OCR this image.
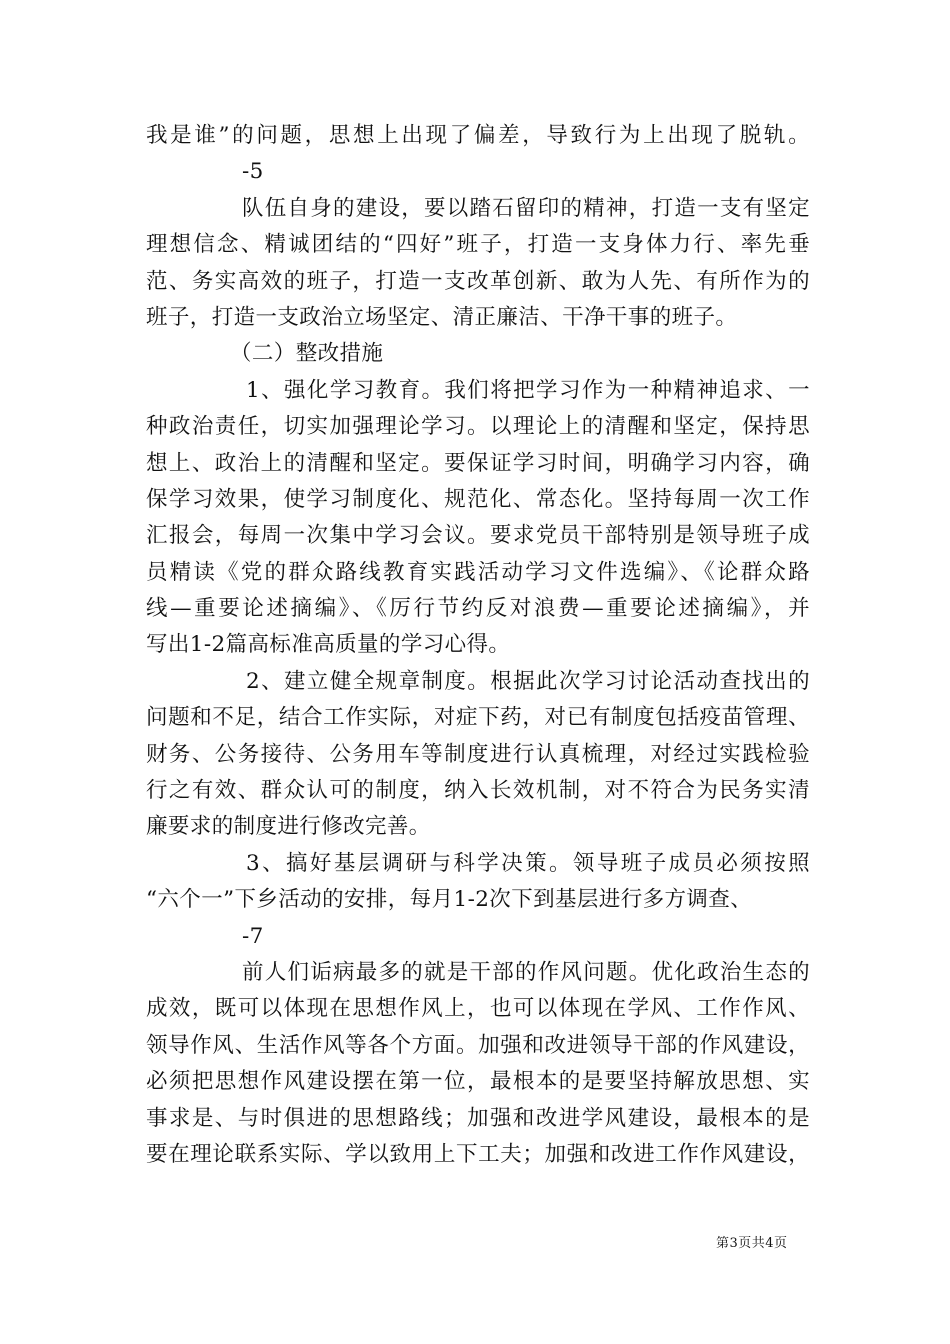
我是谁”的问题，思想上出现了偏差，导致行为上出现了脱轨。
-5
队伍自身的建设，要以踏石留印的精神，打造一支有坚定
理想信念、精诚团结的“四好”班子，打造一支身体力行、率先垂
范、务实高效的班子，打造一支改革创新、敢为人先、有所作为的
班子，打造一支政治立场坚定、清正廉洁、干净干事的班子。
（二）整改措施
1、强化学习教育。我们将把学习作为一种精神追求、一
种政治责任，切实加强理论学习。以理论上的清醒和坚定，保持思
想上、政治上的清醒和坚定。要保证学习时间，明确学习内容，确
保学习效果，使学习制度化、规范化、常态化。坚持每周一次工作
汇报会，每周一次集中学习会议。要求党员干部特别是领导班子成
员精读《党的群众路线教育实践活动学习文件选编》、《论群众路
线—重要论述摘编》、《厉行节约反对浪费—重要论述摘编》，并
写出1-2篇高标准高质量的学习心得。
2、建立健全规章制度。根据此次学习讨论活动查找出的
问题和不足，结合工作实际，对症下药，对已有制度包括疫苗管理、
财务、公务接待、公务用车等制度进行认真梳理，对经过实践检验
行之有效、群众认可的制度，纳入长效机制，对不符合为民务实清
廉要求的制度进行修改完善。
3、搞好基层调研与科学决策。领导班子成员必须按照
“六个一”下乡活动的安排，每月1-2次下到基层进行多方调查、
-7
前人们诟病最多的就是干部的作风问题。优化政治生态的
成效，既可以体现在思想作风上，也可以体现在学风、工作作风、
领导作风、生活作风等各个方面。加强和改进领导干部的作风建设，
必须把思想作风建设摆在第一位，最根本的是要坚持解放思想、实
事求是、与时俱进的思想路线；加强和改进学风建设，最根本的是
要在理论联系实际、学以致用上下工夫；加强和改进工作作风建设，
第3页共4页
